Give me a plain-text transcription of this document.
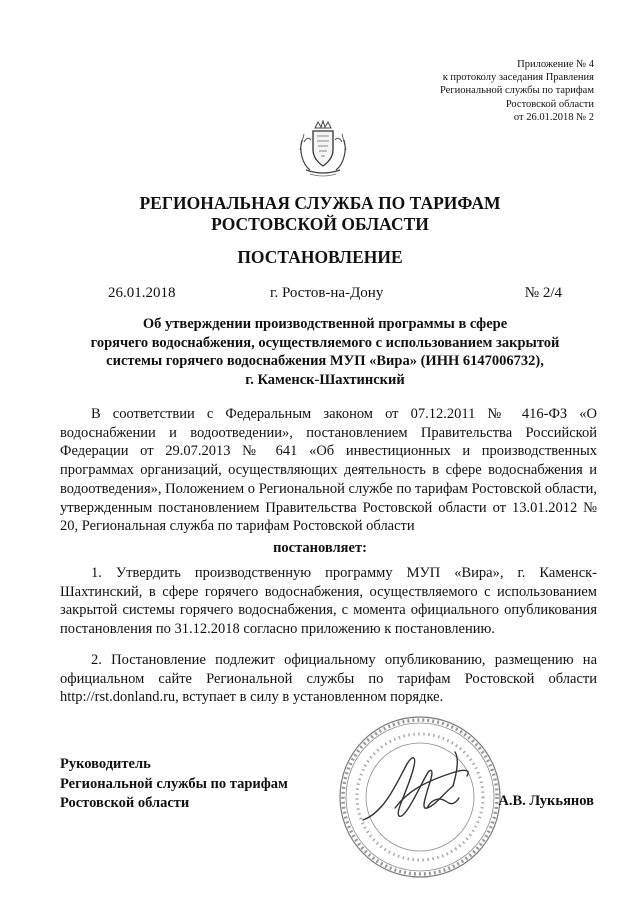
Приложение № 4
к протоколу заседания Правления
Региональной службы по тарифам
Ростовской области
от 26.01.2018 № 2
РЕГИОНАЛЬНАЯ СЛУЖБА ПО ТАРИФАМ
РОСТОВСКОЙ ОБЛАСТИ
ПОСТАНОВЛЕНИЕ
26.01.2018	г. Ростов-на-Дону	№ 2/4
Об утверждении производственной программы в сфере
горячего водоснабжения, осуществляемого с использованием закрытой
системы горячего водоснабжения МУП «Вира» (ИНН 6147006732),
г. Каменск-Шахтинский
В соответствии с Федеральным законом от 07.12.2011 № 416-ФЗ «О водоснабжении и водоотведении», постановлением Правительства Российской Федерации от 29.07.2013 № 641 «Об инвестиционных и производственных программах организаций, осуществляющих деятельность в сфере водоснабжения и водоотведения», Положением о Региональной службе по тарифам Ростовской области, утвержденным постановлением Правительства Ростовской области от 13.01.2012 № 20, Региональная служба по тарифам Ростовской области
постановляет:
1. Утвердить производственную программу МУП «Вира», г. Каменск-Шахтинский, в сфере горячего водоснабжения, осуществляемого с использованием закрытой системы горячего водоснабжения, с момента официального опубликования постановления по 31.12.2018 согласно приложению к постановлению.
2. Постановление подлежит официальному опубликованию, размещению на официальном сайте Региональной службы по тарифам Ростовской области http://rst.donland.ru, вступает в силу в установленном порядке.
Руководитель
Региональной службы по тарифам
Ростовской области	А.В. Лукьянов
